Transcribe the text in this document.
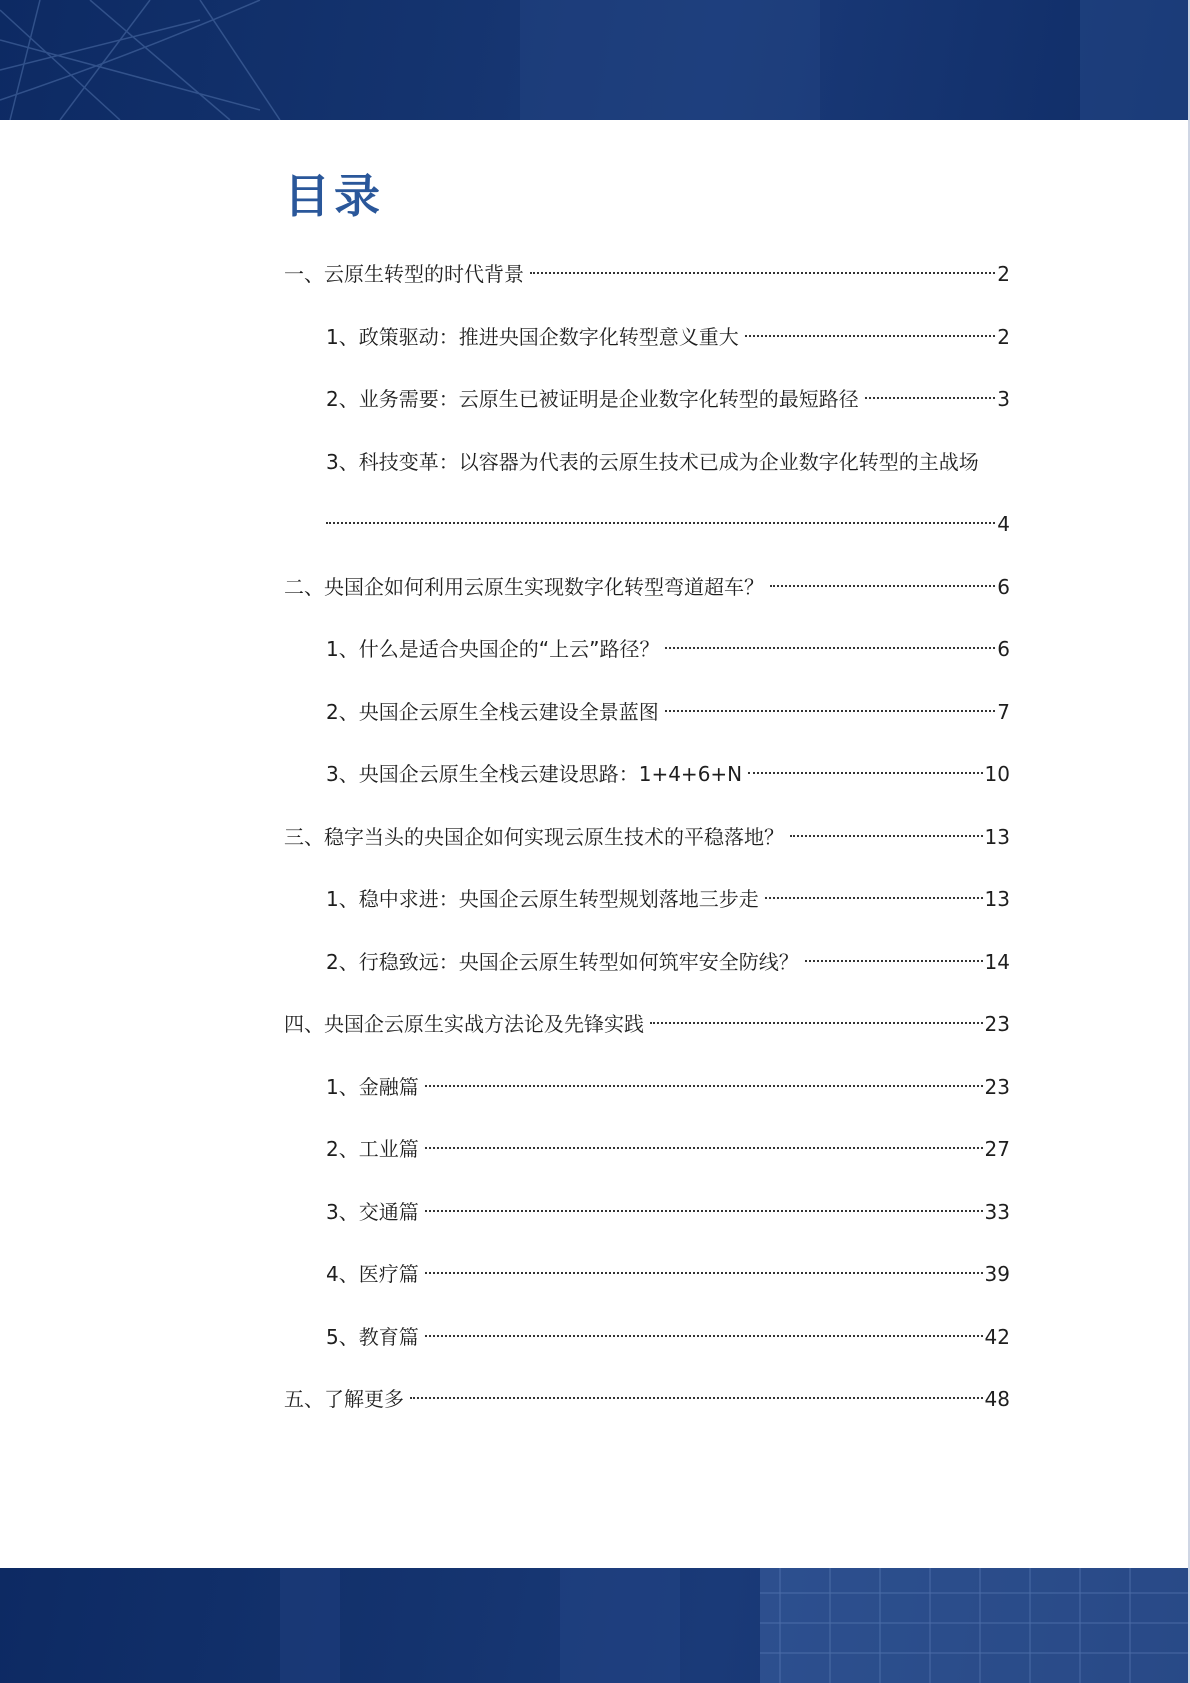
目录
一、云原生转型的时代背景	2
1、政策驱动：推进央国企数字化转型意义重大	2
2、业务需要：云原生已被证明是企业数字化转型的最短路径	3
3、科技变革：以容器为代表的云原生技术已成为企业数字化转型的主战场
4
二、央国企如何利用云原生实现数字化转型弯道超车？	6
1、什么是适合央国企的“上云”路径？	6
2、央国企云原生全栈云建设全景蓝图	7
3、央国企云原生全栈云建设思路：1+4+6+N	10
三、稳字当头的央国企如何实现云原生技术的平稳落地？	13
1、稳中求进：央国企云原生转型规划落地三步走	13
2、行稳致远：央国企云原生转型如何筑牢安全防线？	14
四、央国企云原生实战方法论及先锋实践	23
1、金融篇	23
2、工业篇	27
3、交通篇	33
4、医疗篇	39
5、教育篇	42
五、了解更多	48
